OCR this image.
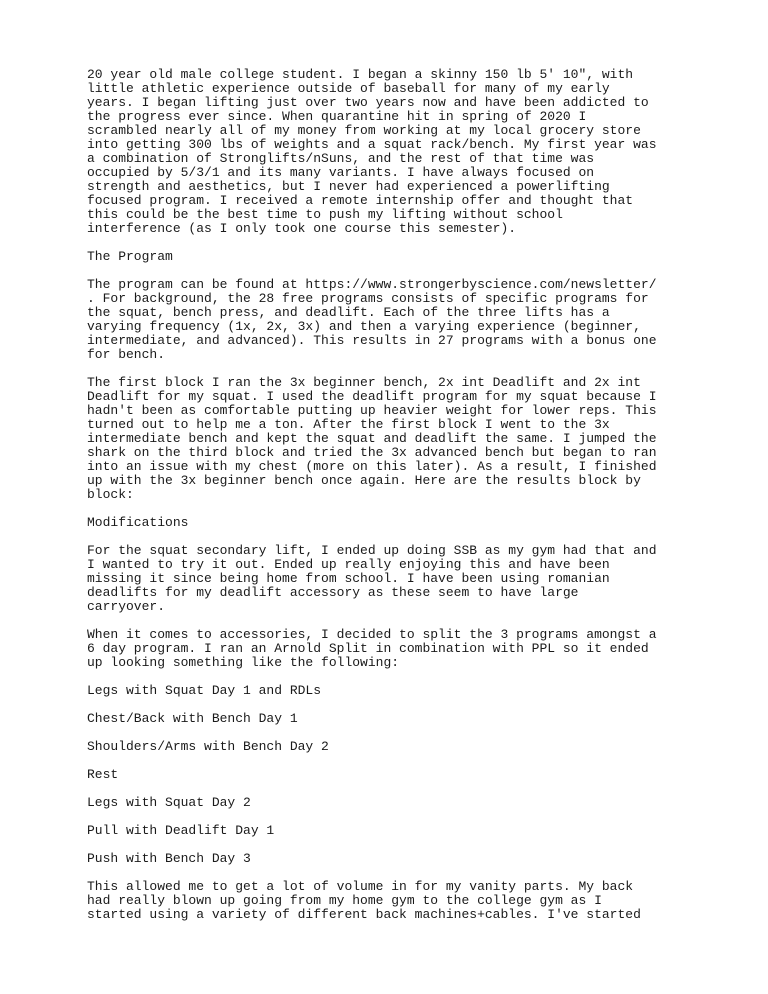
20 year old male college student. I began a skinny 150 lb 5' 10", with
little athletic experience outside of baseball for many of my early
years. I began lifting just over two years now and have been addicted to
the progress ever since. When quarantine hit in spring of 2020 I
scrambled nearly all of my money from working at my local grocery store
into getting 300 lbs of weights and a squat rack/bench. My first year was
a combination of Stronglifts/nSuns, and the rest of that time was
occupied by 5/3/1 and its many variants. I have always focused on
strength and aesthetics, but I never had experienced a powerlifting
focused program. I received a remote internship offer and thought that
this could be the best time to push my lifting without school
interference (as I only took one course this semester).

The Program

The program can be found at https://www.strongerbyscience.com/newsletter/
. For background, the 28 free programs consists of specific programs for
the squat, bench press, and deadlift. Each of the three lifts has a
varying frequency (1x, 2x, 3x) and then a varying experience (beginner,
intermediate, and advanced). This results in 27 programs with a bonus one
for bench.

The first block I ran the 3x beginner bench, 2x int Deadlift and 2x int
Deadlift for my squat. I used the deadlift program for my squat because I
hadn't been as comfortable putting up heavier weight for lower reps. This
turned out to help me a ton. After the first block I went to the 3x
intermediate bench and kept the squat and deadlift the same. I jumped the
shark on the third block and tried the 3x advanced bench but began to ran
into an issue with my chest (more on this later). As a result, I finished
up with the 3x beginner bench once again. Here are the results block by
block:

Modifications

For the squat secondary lift, I ended up doing SSB as my gym had that and
I wanted to try it out. Ended up really enjoying this and have been
missing it since being home from school. I have been using romanian
deadlifts for my deadlift accessory as these seem to have large
carryover.

When it comes to accessories, I decided to split the 3 programs amongst a
6 day program. I ran an Arnold Split in combination with PPL so it ended
up looking something like the following:

Legs with Squat Day 1 and RDLs

Chest/Back with Bench Day 1

Shoulders/Arms with Bench Day 2

Rest

Legs with Squat Day 2

Pull with Deadlift Day 1

Push with Bench Day 3

This allowed me to get a lot of volume in for my vanity parts. My back
had really blown up going from my home gym to the college gym as I
started using a variety of different back machines+cables. I've started
